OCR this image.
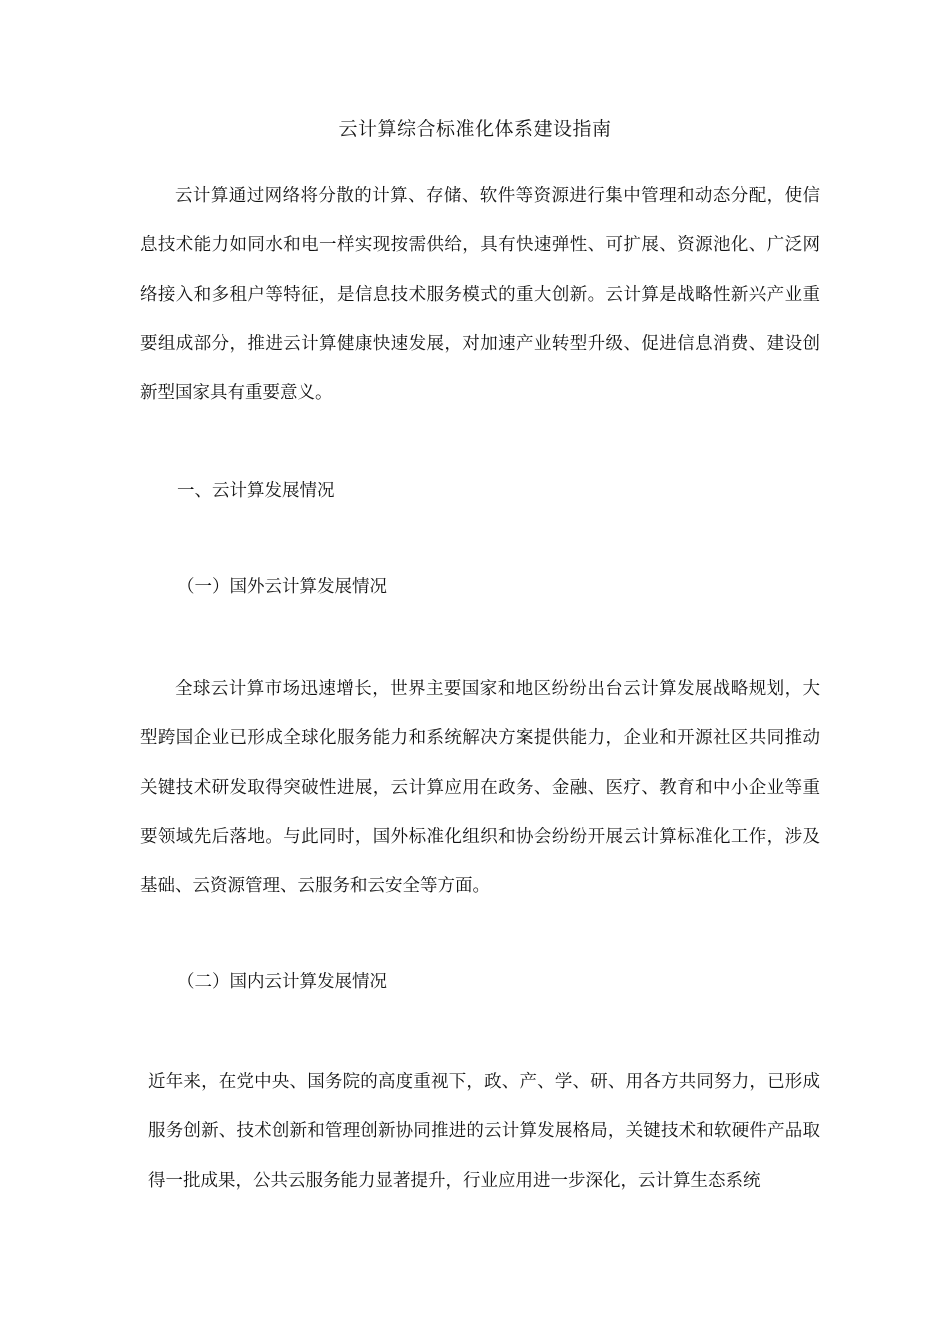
云计算综合标准化体系建设指南

云计算通过网络将分散的计算、存储、软件等资源进行集中管理和动态分配，使信息技术能力如同水和电一样实现按需供给，具有快速弹性、可扩展、资源池化、广泛网络接入和多租户等特征，是信息技术服务模式的重大创新。云计算是战略性新兴产业重要组成部分，推进云计算健康快速发展，对加速产业转型升级、促进信息消费、建设创新型国家具有重要意义。

一、云计算发展情况
（一）国外云计算发展情况

全球云计算市场迅速增长，世界主要国家和地区纷纷出台云计算发展战略规划，大型跨国企业已形成全球化服务能力和系统解决方案提供能力，企业和开源社区共同推动关键技术研发取得突破性进展，云计算应用在政务、金融、医疗、教育和中小企业等重要领域先后落地。与此同时，国外标准化组织和协会纷纷开展云计算标准化工作，涉及基础、云资源管理、云服务和云安全等方面。

（二）国内云计算发展情况

近年来，在党中央、国务院的高度重视下，政、产、学、研、用各方共同努力，已形成服务创新、技术创新和管理创新协同推进的云计算发展格局，关键技术和软硬件产品取得一批成果，公共云服务能力显著提升，行业应用进一步深化，云计算生态系统
